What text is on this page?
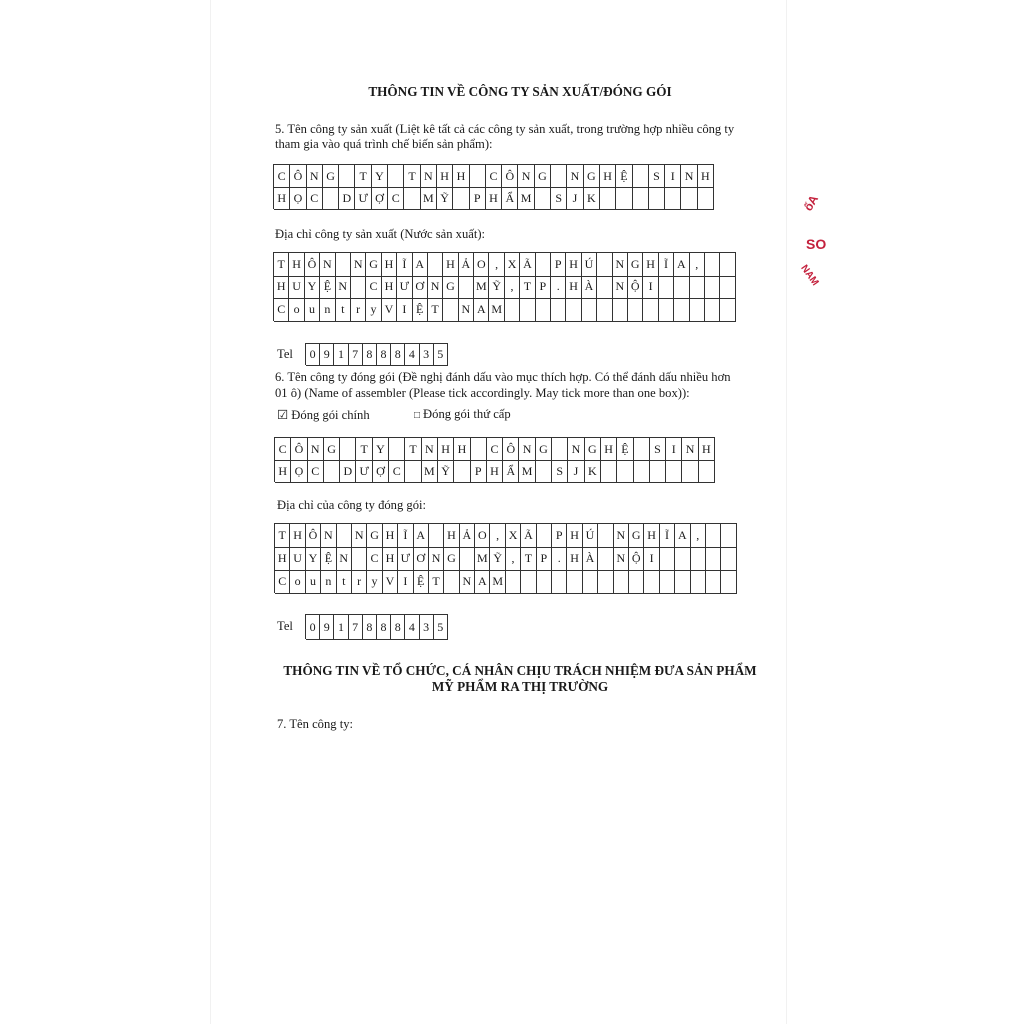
THÔNG TIN VỀ CÔNG TY SẢN XUẤT/ĐÓNG GÓI
5. Tên công ty sản xuất (Liệt kê tất cả các công ty sản xuất, trong trường hợp nhiều công ty
tham gia vào quá trình chế biến sản phẩm):
C Ô N G	T Y	T N H H	C Ô N G	N G H Ệ	S I N H
H Ọ C	D Ư Ợ C	M Ỹ	P H Ẩ M	S J K
Địa chỉ công ty sản xuất (Nước sản xuất):
T H Ô N	N G H Ĩ A	H Ả O , X Ã	P H Ú	N G H Ĩ A ,
H U Y Ệ N	C H Ư Ơ N G	M Ỹ , T P . H À	N Ộ I
C o u n t r y V I Ệ T	N A M
Tel	0 9 1 7 8 8 8 4 3 5
6. Tên công ty đóng gói (Đề nghị đánh dấu vào mục thích hợp. Có thể đánh dấu nhiều hơn
01 ô) (Name of assembler (Please tick accordingly. May tick more than one box)):
☑ Đóng gói chính	□ Đóng gói thứ cấp
C Ô N G	T Y	T N H H	C Ô N G	N G H Ệ	S I N H
H Ọ C	D Ư Ợ C	M Ỹ	P H Ẩ M	S J K
Địa chỉ của công ty đóng gói:
T H Ô N	N G H Ĩ A	H Ả O , X Ã	P H Ú	N G H Ĩ A ,
H U Y Ệ N	C H Ư Ơ N G	M Ỹ , T P . H À	N Ộ I
C o u n t r y V I Ệ T	N A M
Tel	0 9 1 7 8 8 8 4 3 5
THÔNG TIN VỀ TỔ CHỨC, CÁ NHÂN CHỊU TRÁCH NHIỆM ĐƯA SẢN PHẨM
MỸ PHẨM RA THỊ TRƯỜNG
7. Tên công ty:
ốA
SO
NAM
